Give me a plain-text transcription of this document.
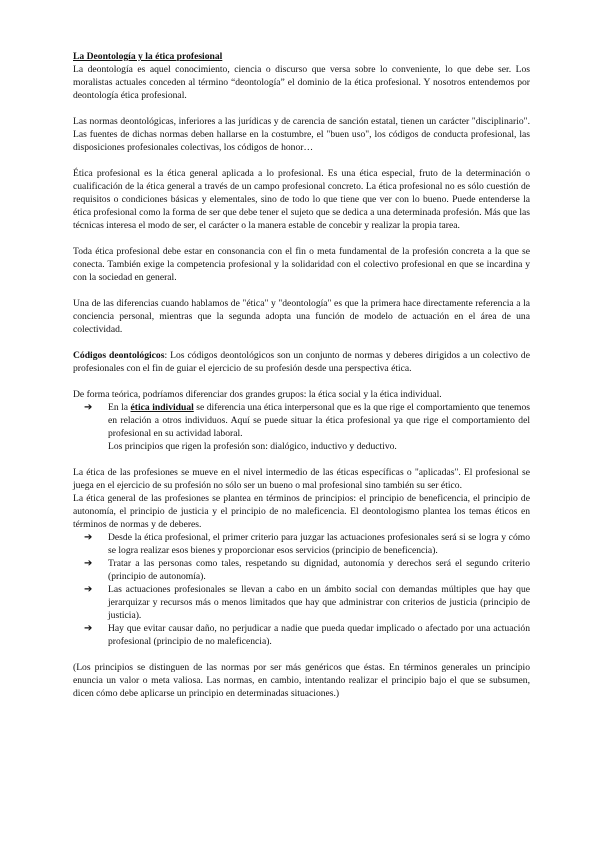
La Deontología y la ética profesional

La deontología es aquel conocimiento, ciencia o discurso que versa sobre lo conveniente, lo que debe ser. Los moralistas actuales conceden al término “deontología” el dominio de la ética profesional. Y nosotros entendemos por deontología ética profesional.

Las normas deontológicas, inferiores a las jurídicas y de carencia de sanción estatal, tienen un carácter "disciplinario". Las fuentes de dichas normas deben hallarse en la costumbre, el "buen uso", los códigos de conducta profesional, las disposiciones profesionales colectivas, los códigos de honor…

Ética profesional es la ética general aplicada a lo profesional. Es una ética especial, fruto de la determinación o cualificación de la ética general a través de un campo profesional concreto. La ética profesional no es sólo cuestión de requisitos o condiciones básicas y elementales, sino de todo lo que tiene que ver con lo bueno. Puede entenderse la ética profesional como la forma de ser que debe tener el sujeto que se dedica a una determinada profesión. Más que las técnicas interesa el modo de ser, el carácter o la manera estable de concebir y realizar la propia tarea.

Toda ética profesional debe estar en consonancia con el fin o meta fundamental de la profesión concreta a la que se conecta. También exige la competencia profesional y la solidaridad con el colectivo profesional en que se incardina y con la sociedad en general.

Una de las diferencias cuando hablamos de "ética" y "deontología" es que la primera hace directamente referencia a la conciencia personal, mientras que la segunda adopta una función de modelo de actuación en el área de una colectividad.

Códigos deontológicos: Los códigos deontológicos son un conjunto de normas y deberes dirigidos a un colectivo de profesionales con el fin de guiar el ejercicio de su profesión desde una perspectiva ética.

De forma teórica, podríamos diferenciar dos grandes grupos: la ética social y la ética individual.

➔ En la ética individual se diferencia una ética interpersonal que es la que rige el comportamiento que tenemos en relación a otros individuos. Aquí se puede situar la ética profesional ya que rige el comportamiento del profesional en su actividad laboral.

Los principios que rigen la profesión son: dialógico, inductivo y deductivo.

La ética de las profesiones se mueve en el nivel intermedio de las éticas específicas o "aplicadas". El profesional se juega en el ejercicio de su profesión no sólo ser un bueno o mal profesional sino también su ser ético.

La ética general de las profesiones se plantea en términos de principios: el principio de beneficencia, el principio de autonomía, el principio de justicia y el principio de no maleficencia. El deontologismo plantea los temas éticos en términos de normas y de deberes.

➔ Desde la ética profesional, el primer criterio para juzgar las actuaciones profesionales será si se logra y cómo se logra realizar esos bienes y proporcionar esos servicios (principio de beneficencia).
➔ Tratar a las personas como tales, respetando su dignidad, autonomía y derechos será el segundo criterio (principio de autonomía).
➔ Las actuaciones profesionales se llevan a cabo en un ámbito social con demandas múltiples que hay que jerarquizar y recursos más o menos limitados que hay que administrar con criterios de justicia (principio de justicia).
➔ Hay que evitar causar daño, no perjudicar a nadie que pueda quedar implicado o afectado por una actuación profesional (principio de no maleficencia).

(Los principios se distinguen de las normas por ser más genéricos que éstas. En términos generales un principio enuncia un valor o meta valiosa. Las normas, en cambio, intentando realizar el principio bajo el que se subsumen, dicen cómo debe aplicarse un principio en determinadas situaciones.)
